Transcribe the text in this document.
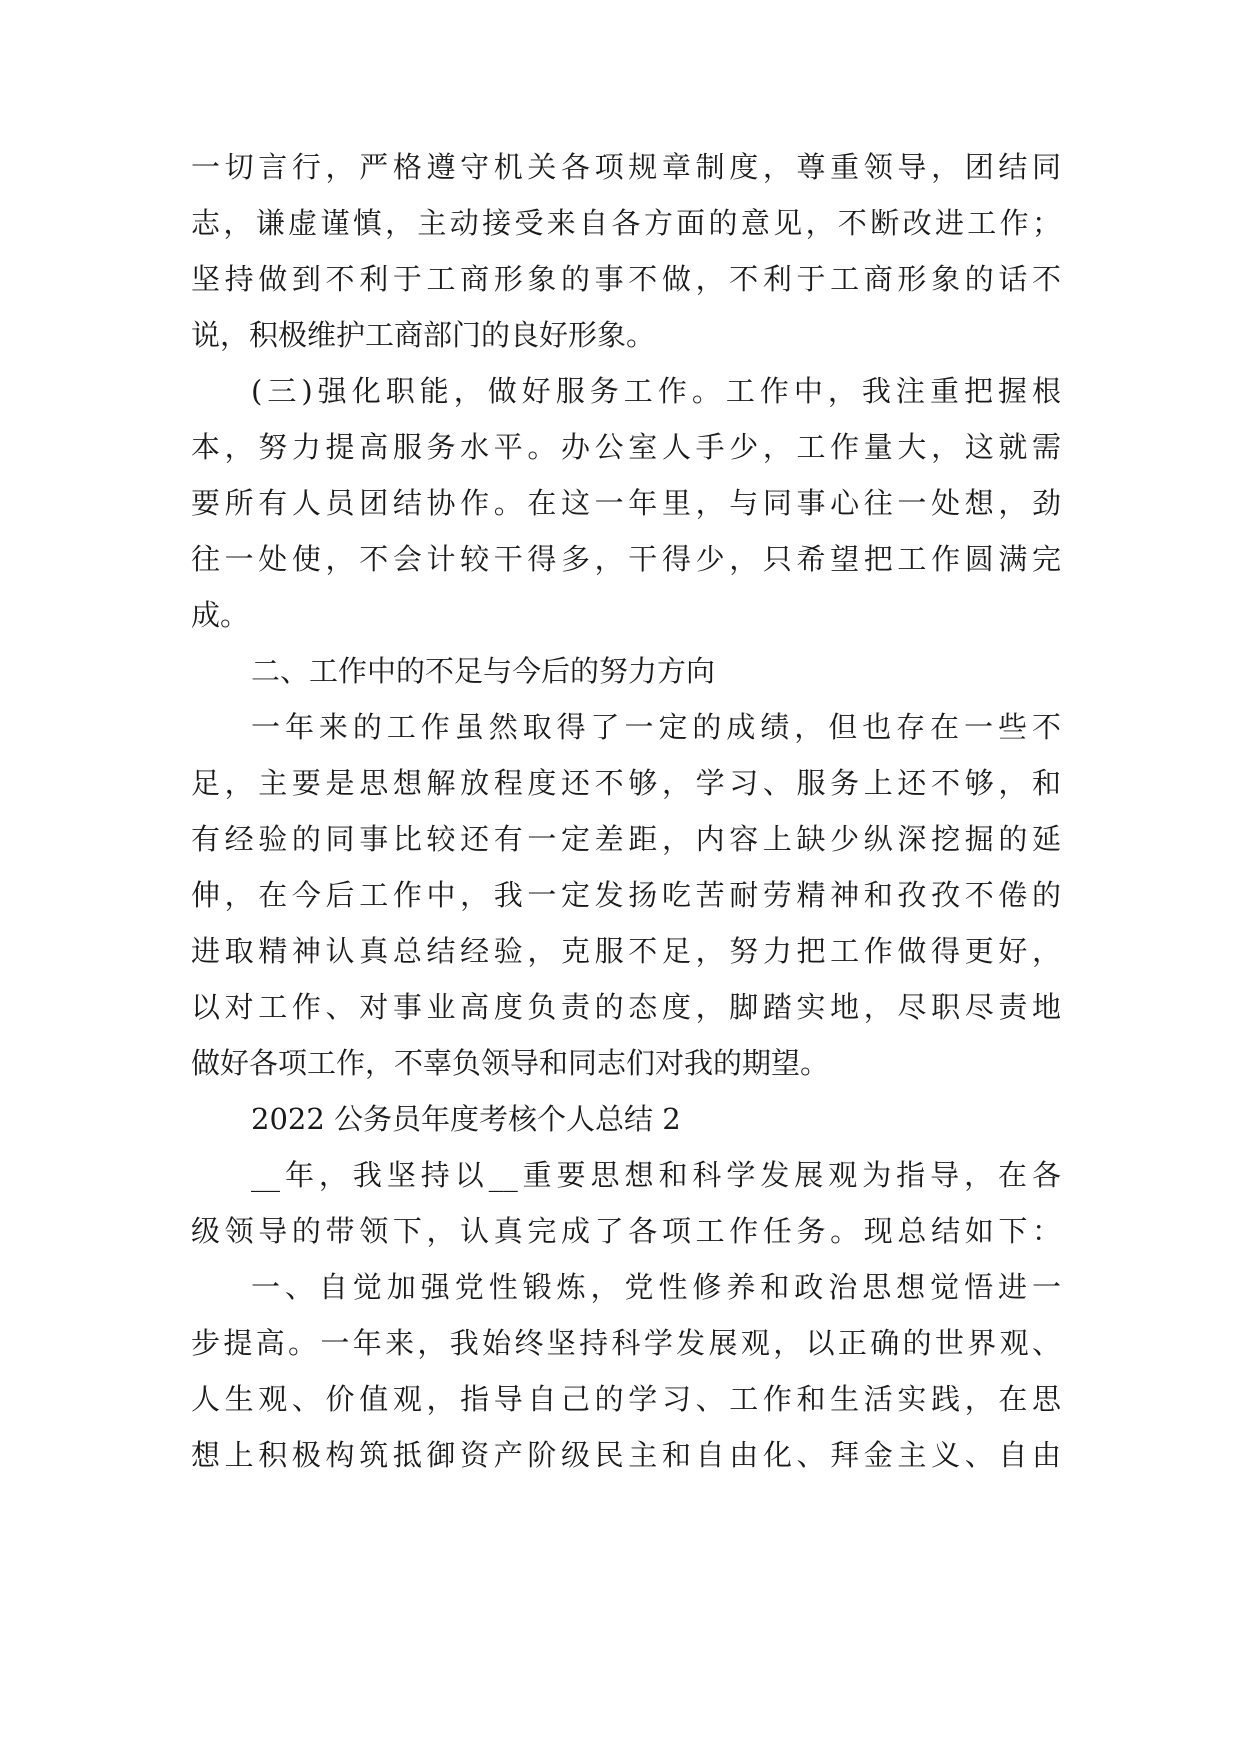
一切言行，严格遵守机关各项规章制度，尊重领导，团结同
志，谦虚谨慎，主动接受来自各方面的意见，不断改进工作；
坚持做到不利于工商形象的事不做，不利于工商形象的话不
说，积极维护工商部门的良好形象。
(三)强化职能，做好服务工作。工作中，我注重把握根
本，努力提高服务水平。办公室人手少，工作量大，这就需
要所有人员团结协作。在这一年里，与同事心往一处想，劲
往一处使，不会计较干得多，干得少，只希望把工作圆满完
成。
二、工作中的不足与今后的努力方向
一年来的工作虽然取得了一定的成绩，但也存在一些不
足，主要是思想解放程度还不够，学习、服务上还不够，和
有经验的同事比较还有一定差距，内容上缺少纵深挖掘的延
伸，在今后工作中，我一定发扬吃苦耐劳精神和孜孜不倦的
进取精神认真总结经验，克服不足，努力把工作做得更好，
以对工作、对事业高度负责的态度，脚踏实地，尽职尽责地
做好各项工作，不辜负领导和同志们对我的期望。
2022 公务员年度考核个人总结 2
__年，我坚持以__重要思想和科学发展观为指导，在各
级领导的带领下，认真完成了各项工作任务。现总结如下：
一、自觉加强党性锻炼，党性修养和政治思想觉悟进一
步提高。一年来，我始终坚持科学发展观，以正确的世界观、
人生观、价值观，指导自己的学习、工作和生活实践，在思
想上积极构筑抵御资产阶级民主和自由化、拜金主义、自由
